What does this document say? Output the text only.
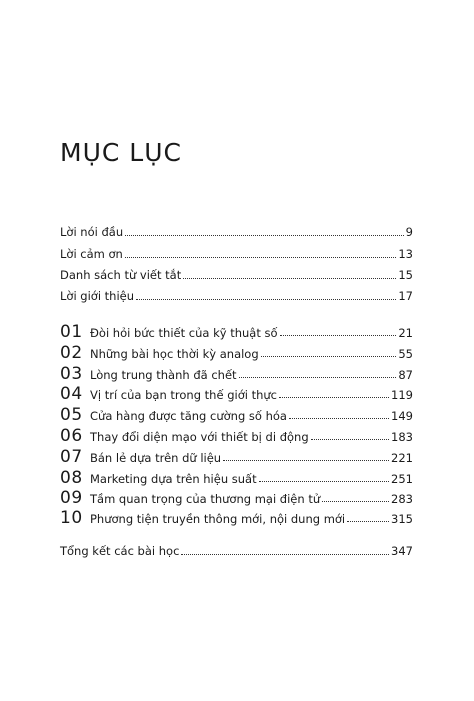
MỤC LỤC
Lời nói đầu	9
Lời cảm ơn	13
Danh sách từ viết tắt	15
Lời giới thiệu	17
01 Đòi hỏi bức thiết của kỹ thuật số	21
02 Những bài học thời kỳ analog	55
03 Lòng trung thành đã chết	87
04 Vị trí của bạn trong thế giới thực	119
05 Cửa hàng được tăng cường số hóa	149
06 Thay đổi diện mạo với thiết bị di động	183
07 Bán lẻ dựa trên dữ liệu	221
08 Marketing dựa trên hiệu suất	251
09 Tầm quan trọng của thương mại điện tử	283
10 Phương tiện truyền thông mới, nội dung mới	315
Tổng kết các bài học	347
